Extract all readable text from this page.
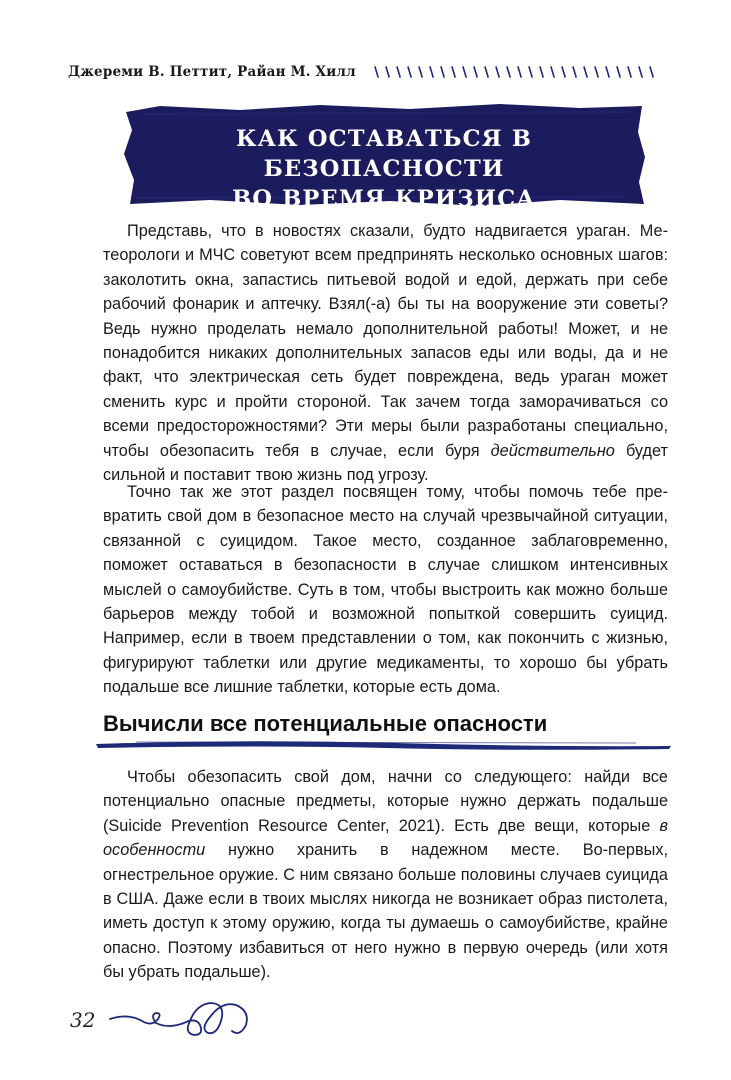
Джереми В. Петтит, Райан М. Хилл
КАК ОСТАВАТЬСЯ В БЕЗОПАСНОСТИ
ВО ВРЕМЯ КРИЗИСА

Представь, что в новостях сказали, будто надвигается ураган. Метеорологи и МЧС советуют всем предпринять несколько основных шагов: заколотить окна, запастись питьевой водой и едой, держать при себе рабочий фонарик и аптечку. Взял(-а) бы ты на вооружение эти советы? Ведь нужно проделать немало дополнительной работы! Может, и не понадобится никаких дополнительных запасов еды или воды, да и не факт, что электрическая сеть будет повреждена, ведь ураган может сменить курс и пройти стороной. Так зачем тогда заморачиваться со всеми предосторожностями? Эти меры были разработаны специально, чтобы обезопасить тебя в случае, если буря действительно будет сильной и поставит твою жизнь под угрозу.

Точно так же этот раздел посвящен тому, чтобы помочь тебе превратить свой дом в безопасное место на случай чрезвычайной ситуации, связанной с суицидом. Такое место, созданное заблаговременно, поможет оставаться в безопасности в случае слишком интенсивных мыслей о самоубийстве. Суть в том, чтобы выстроить как можно больше барьеров между тобой и возможной попыткой совершить суицид. Например, если в твоем представлении о том, как покончить с жизнью, фигурируют таблетки или другие медикаменты, то хорошо бы убрать подальше все лишние таблетки, которые есть дома.

Вычисли все потенциальные опасности

Чтобы обезопасить свой дом, начни со следующего: найди все потенциально опасные предметы, которые нужно держать подальше (Suicide Prevention Resource Center, 2021). Есть две вещи, которые в особенности нужно хранить в надежном месте. Во-первых, огнестрельное оружие. С ним связано больше половины случаев суицида в США. Даже если в твоих мыслях никогда не возникает образ пистолета, иметь доступ к этому оружию, когда ты думаешь о самоубийстве, крайне опасно. Поэтому избавиться от него нужно в первую очередь (или хотя бы убрать подальше).

32
